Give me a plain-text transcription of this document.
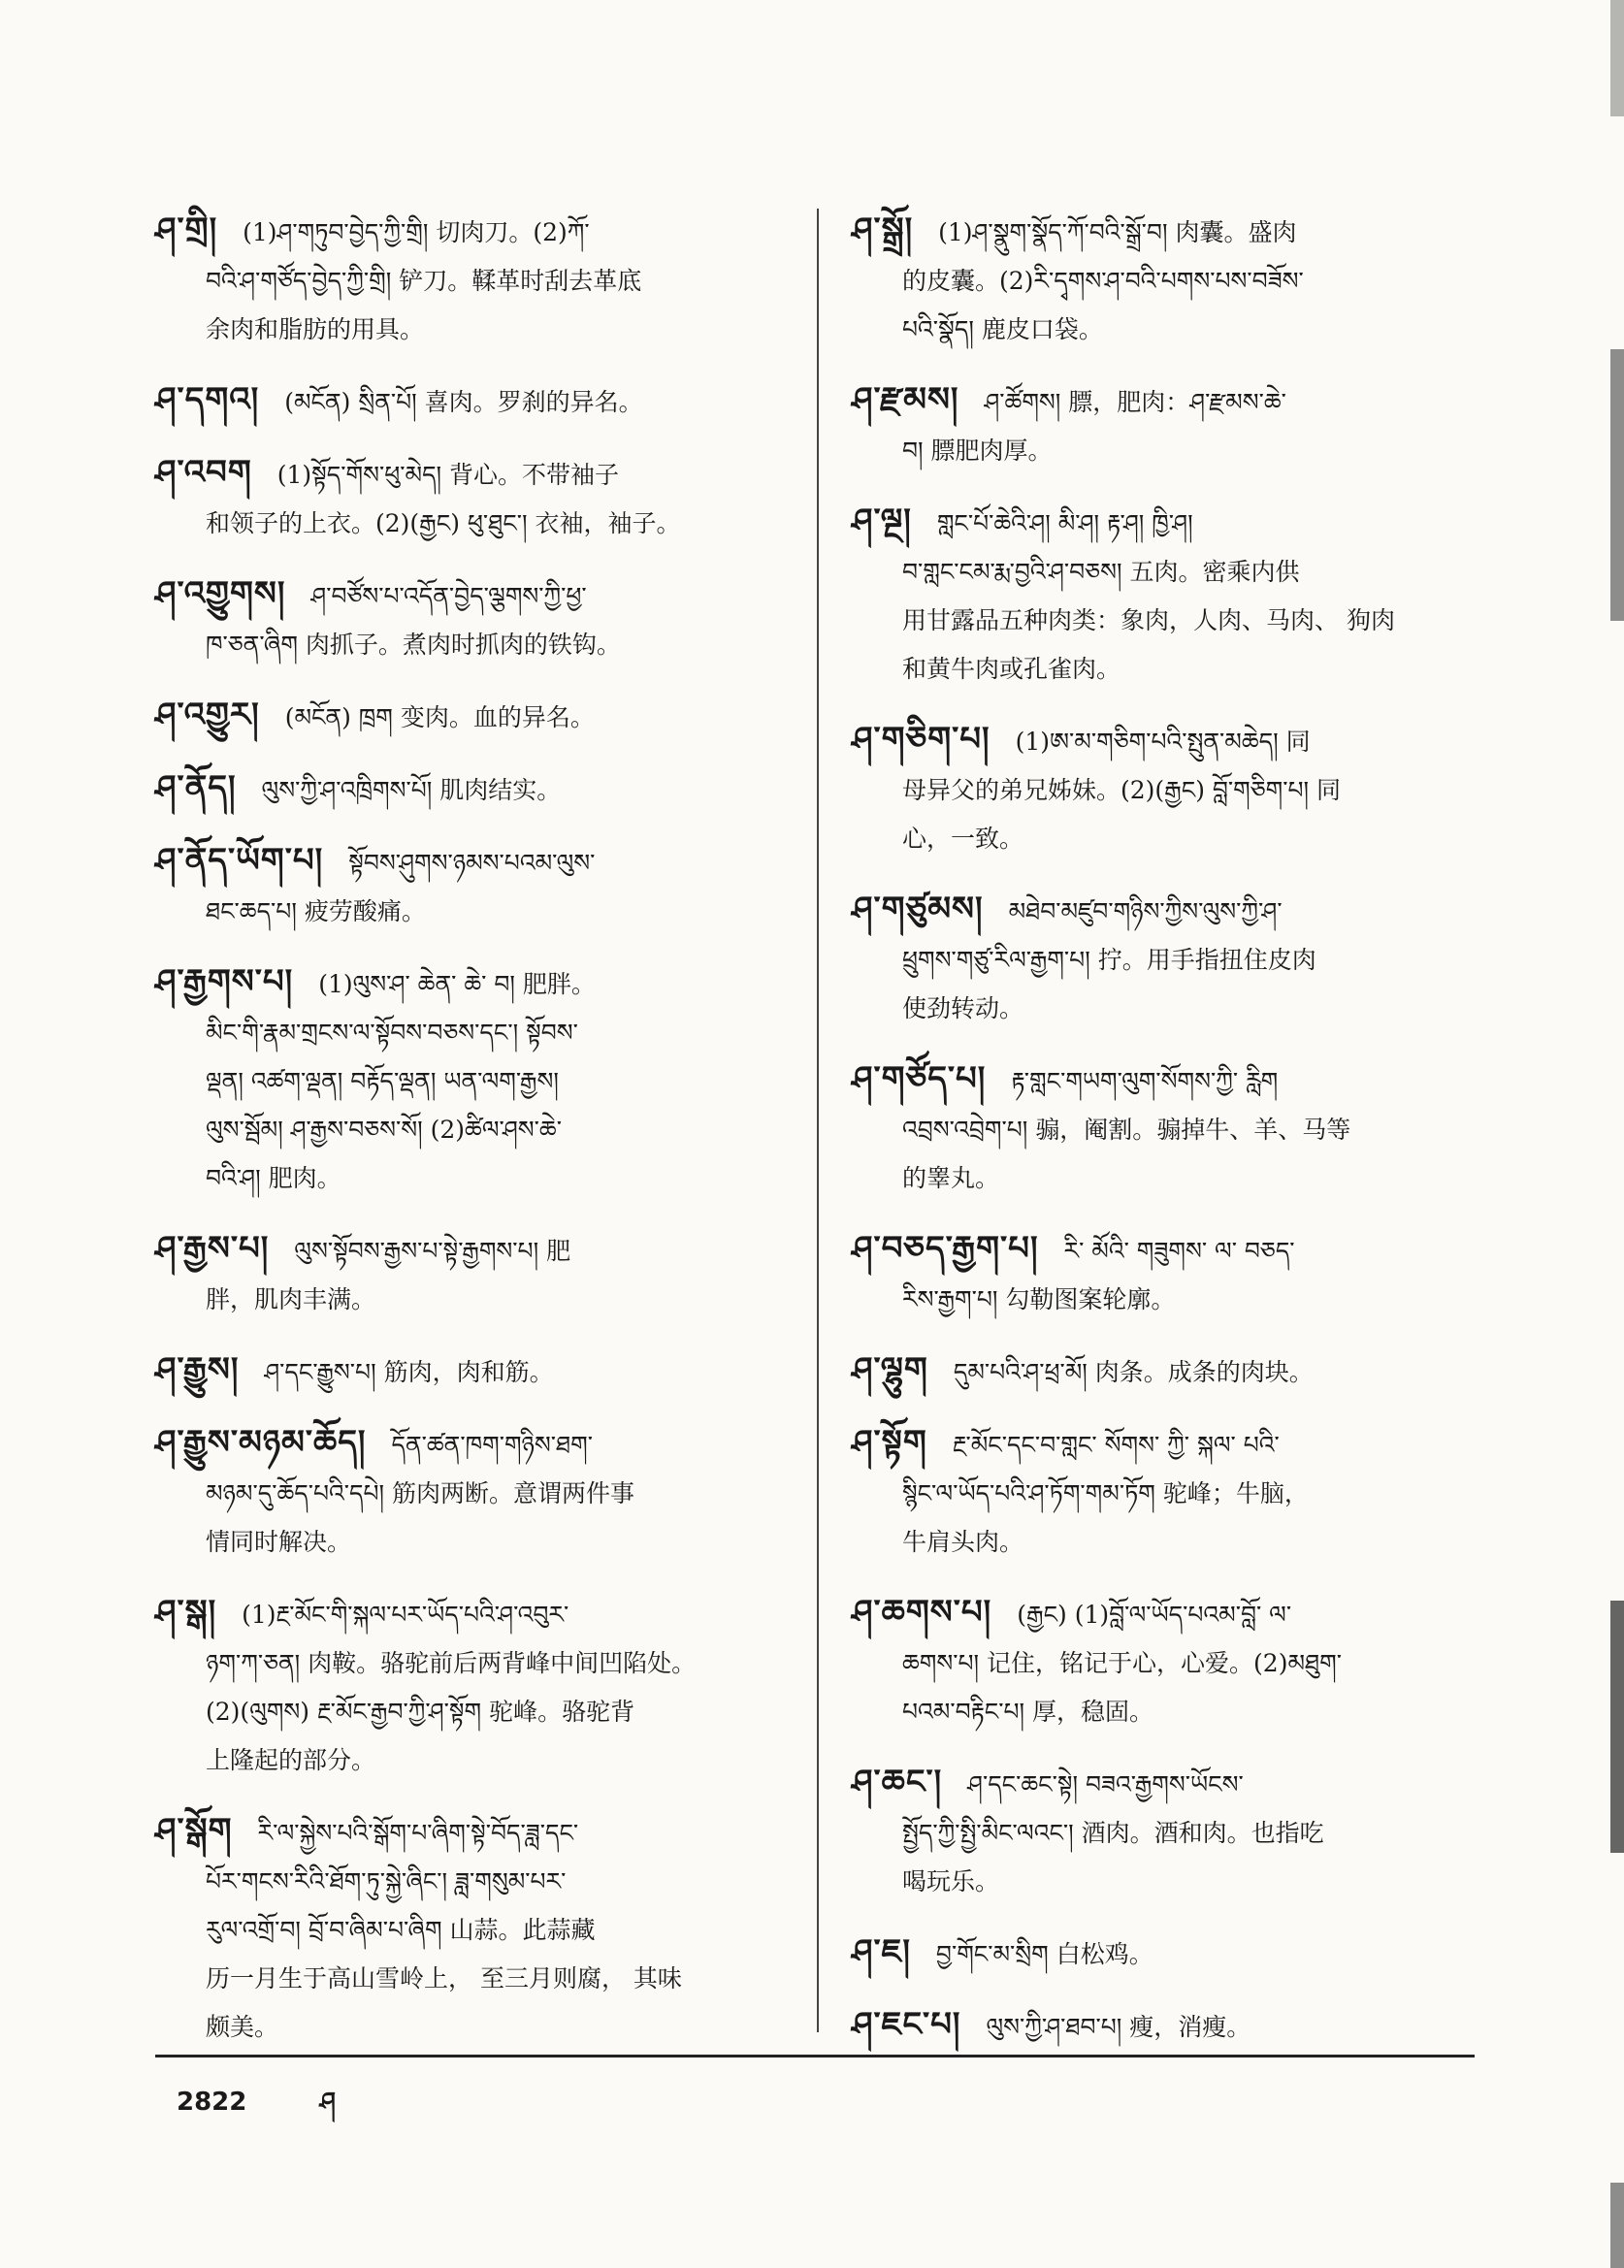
ཤ་གྲི། (1)ཤ་གཏུབ་བྱེད་ཀྱི་གྲི། 切肉刀。(2)ཀོ་
བའི་ཤ་གཙོད་བྱེད་ཀྱི་གྲི། 铲刀。鞣革时刮去革底
余肉和脂肪的用具。
ཤ་དགའ། (མངོན) སྲིན་པོ། 喜肉。罗刹的异名。
ཤ་འབག (1)སྟོད་གོས་ཕུ་མེད། 背心。不带袖子
和领子的上衣。(2)(རྒྱང) ཕུ་ཐུང་། 衣袖，袖子。
ཤ་འགྱུགས། ཤ་བཙོས་པ་འདོན་བྱེད་ལྕགས་ཀྱི་ཕྱ་
ཁ་ཅན་ཞིག 肉抓子。煮肉时抓肉的铁钩。
ཤ་འགྱུར། (མངོན) ཁྲག 变肉。血的异名。
ཤ་ནོད། ལུས་ཀྱི་ཤ་འཁྲིགས་པོ། 肌肉结实。
ཤ་ནོད་ཡོག་པ། སྟོབས་ཤུགས་ཉམས་པའམ་ལུས་
ཐང་ཆད་པ། 疲劳酸痛。
ཤ་རྒྱགས་པ། (1)ལུས་ཤ་ ཆེན་ ཆེ་ བ། 肥胖。
མིང་གི་རྣམ་གྲངས་ལ་སྟོབས་བཅས་དང་། སྟོབས་
ལྡན། འཚག་ལྡན། བརྟོད་ལྡན། ཡན་ལག་རྒྱས།
ལུས་སྦོམ། ཤ་རྒྱས་བཅས་སོ། (2)ཚིལ་ཤས་ཆེ་
བའི་ཤ། 肥肉。
ཤ་རྒྱས་པ། ལུས་སྟོབས་རྒྱས་པ་སྟེ་རྒྱགས་པ། 肥
胖，肌肉丰满。
ཤ་རྒྱུས། ཤ་དང་རྒྱུས་པ། 筋肉，肉和筋。
ཤ་རྒྱུས་མཉམ་ཆོད། དོན་ཚན་ཁག་གཉིས་ཐག་
མཉམ་དུ་ཆོད་པའི་དཔེ། 筋肉两断。意谓两件事
情同时解决。
ཤ་སྒ། (1)རྔ་མོང་གི་སྐལ་པར་ཡོད་པའི་ཤ་འབུར་
ཉག་ཀ་ཅན། 肉鞍。骆驼前后两背峰中间凹陷处。
(2)(ལུགས) རྔ་མོང་རྒྱབ་ཀྱི་ཤ་སྟོག 驼峰。骆驼背
上隆起的部分。
ཤ་སྒོག རི་ལ་སྐྱེས་པའི་སྒོག་པ་ཞིག་སྟེ་བོད་ཟླ་དང་
པོར་གངས་རིའི་ཐོག་ཏུ་སྐྱེ་ཞིང་། ཟླ་གསུམ་པར་
རུལ་འགྲོ་བ། བྲོ་བ་ཞིམ་པ་ཞིག 山蒜。此蒜藏
历一月生于高山雪岭上， 至三月则腐， 其味
颇美。
ཤ་སྒྲོ། (1)ཤ་སྣུག་སྣོད་ཀོ་བའི་སྒྲོ་བ། 肉囊。盛肉
的皮囊。(2)རི་དྭགས་ཤ་བའི་པགས་པས་བཟོས་
པའི་སྣོད། 鹿皮口袋。
ཤ་རྫམས། ཤ་ཚོགས། 膘，肥肉：ཤ་རྫམས་ཆེ་
བ། 膘肥肉厚。
ཤ་ལྔ། གླང་པོ་ཆེའི་ཤ། མི་ཤ། རྟ་ཤ། ཁྱི་ཤ།
བ་གླང་ངམ་རྨ་བྱའི་ཤ་བཅས། 五肉。密乘内供
用甘露品五种肉类：象肉，人肉、马肉、 狗肉
和黄牛肉或孔雀肉。
ཤ་གཅིག་པ། (1)ཨ་མ་གཅིག་པའི་སྤུན་མཆེད། 同
母异父的弟兄姊妹。(2)(རྒྱང) བློ་གཅིག་པ། 同
心，一致。
ཤ་གཙུམས། མཐེབ་མཛུབ་གཉིས་ཀྱིས་ལུས་ཀྱི་ཤ་
ཕྲུགས་གཙུ་རིལ་རྒྱག་པ། 拧。用手指扭住皮肉
使劲转动。
ཤ་གཙོད་པ། རྟ་གླང་གཡག་ལུག་སོགས་ཀྱི་ རླིག
འབྲས་འབྲེག་པ། 骟，阉割。骟掉牛、羊、马等
的睾丸。
ཤ་བཅད་རྒྱག་པ། རི་ མོའི་ གཟུགས་ ལ་ བཅད་
རིས་རྒྱག་པ། 勾勒图案轮廓。
ཤ་ལྷུག དུམ་པའི་ཤ་ཕྲ་མོ། 肉条。成条的肉块。
ཤ་སྟོག རྔ་མོང་དང་བ་གླང་ སོགས་ ཀྱི་ སྐལ་ པའི་
སྙིང་ལ་ཡོད་པའི་ཤ་ཏོག་གམ་ཏོག 驼峰；牛脑，
牛肩头肉。
ཤ་ཆགས་པ། (རྒྱང) (1)བློ་ལ་ཡོད་པའམ་བློ་ ལ་
ཆགས་པ། 记住，铭记于心，心爱。(2)མཐུག་
པའམ་བརྟིང་པ། 厚，稳固。
ཤ་ཆང་། ཤ་དང་ཆང་སྟེ། བཟའ་རྒྱགས་ཡོངས་
སྤྱོད་ཀྱི་སྤྱི་མིང་ལའང་། 酒肉。酒和肉。也指吃
喝玩乐。
ཤ་ཇ། བྱ་གོང་མ་སྲིག 白松鸡。
ཤ་ཇང་པ། ལུས་ཀྱི་ཤ་ཐབ་པ། 瘦，消瘦。
2822	ཤ
